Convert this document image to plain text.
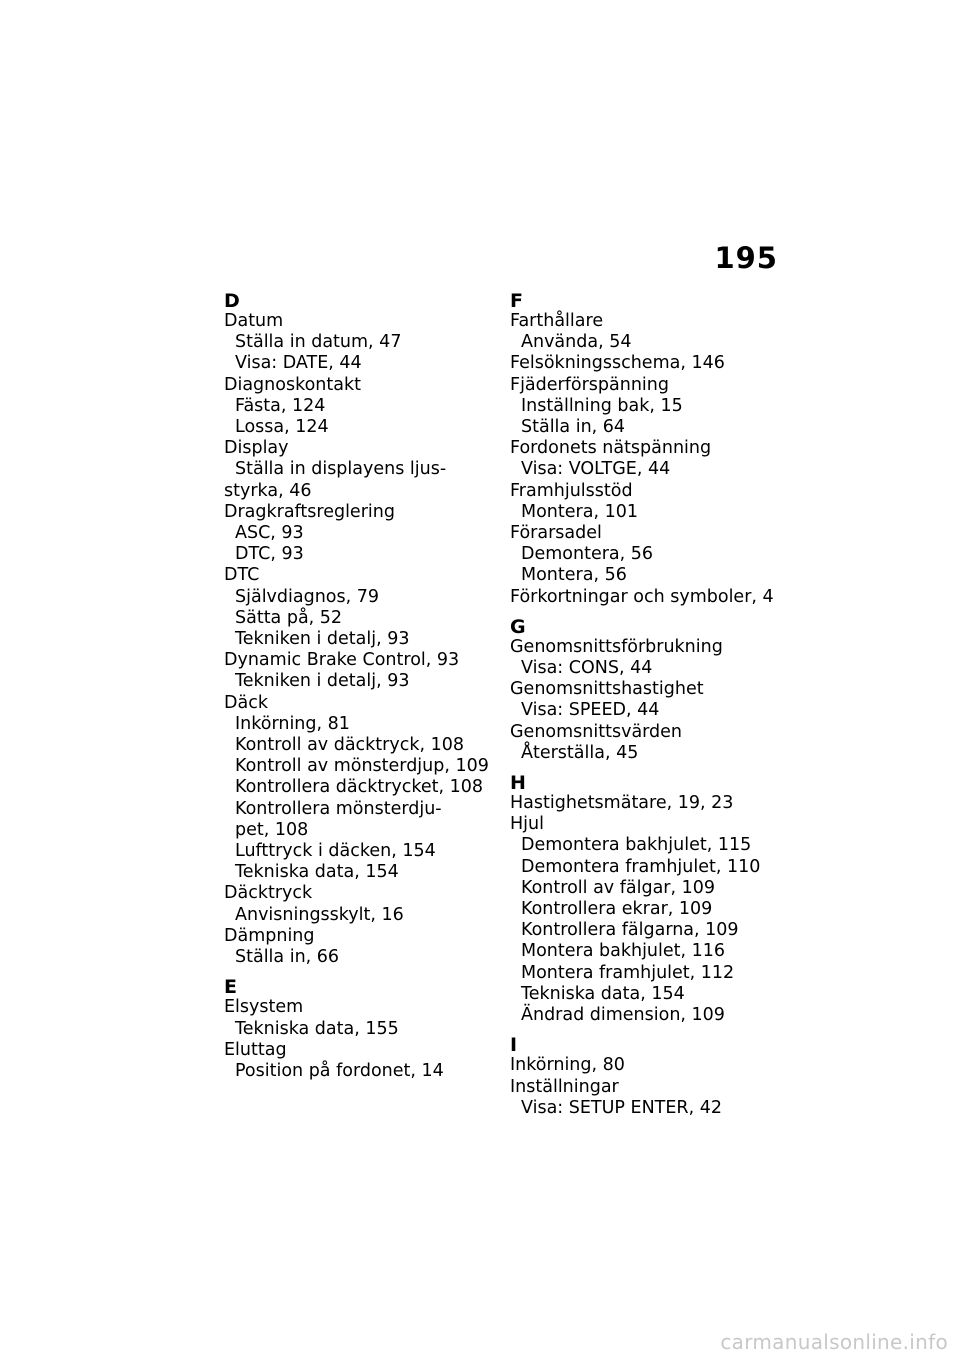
195
D
Datum
Ställa in datum, 47
Visa: DATE, 44
Diagnoskontakt
Fästa, 124
Lossa, 124
Display
Ställa in displayens ljus-
styrka, 46
Dragkraftsreglering
ASC, 93
DTC, 93
DTC
Självdiagnos, 79
Sätta på, 52
Tekniken i detalj, 93
Dynamic Brake Control, 93
Tekniken i detalj, 93
Däck
Inkörning, 81
Kontroll av däcktryck, 108
Kontroll av mönsterdjup, 109
Kontrollera däcktrycket, 108
Kontrollera mönsterdju-
pet, 108
Lufttryck i däcken, 154
Tekniska data, 154
Däcktryck
Anvisningsskylt, 16
Dämpning
Ställa in, 66
E
Elsystem
Tekniska data, 155
Eluttag
Position på fordonet, 14
F
Farthållare
Använda, 54
Felsökningsschema, 146
Fjäderförspänning
Inställning bak, 15
Ställa in, 64
Fordonets nätspänning
Visa: VOLTGE, 44
Framhjulsstöd
Montera, 101
Förarsadel
Demontera, 56
Montera, 56
Förkortningar och symboler, 4
G
Genomsnittsförbrukning
Visa: CONS, 44
Genomsnittshastighet
Visa: SPEED, 44
Genomsnittsvärden
Återställa, 45
H
Hastighetsmätare, 19, 23
Hjul
Demontera bakhjulet, 115
Demontera framhjulet, 110
Kontroll av fälgar, 109
Kontrollera ekrar, 109
Kontrollera fälgarna, 109
Montera bakhjulet, 116
Montera framhjulet, 112
Tekniska data, 154
Ändrad dimension, 109
I
Inkörning, 80
Inställningar
Visa: SETUP ENTER, 42
carmanualsonline.info
